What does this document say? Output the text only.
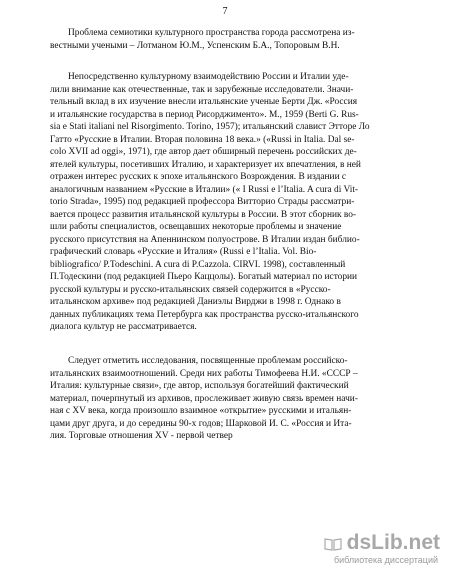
7
Проблема семиотики культурного пространства города рассмотрена из-
вестными учеными – Лотманом Ю.М., Успенским Б.А., Топоровым В.Н.
Непосредственно культурному взаимодействию России и Италии уде-
лили внимание как отечественные, так и зарубежные исследователи. Значи-
тельный вклад в их изучение внесли итальянские ученые Берти Дж. «Россия
и итальянские государства в период Рисорджименто». М., 1959 (Berti G. Rus-
sia e Stati italiani nel Risorgimento. Torino, 1957); итальянский славист Этторе Ло
Гатто «Русские в Италии. Вторая половина 18 века.» («Russi in Italia. Dal se-
colo XVII ad oggi», 1971), где автор дает обширный перечень российских де-
ятелей культуры, посетивших Италию, и характеризует их впечатления, в ней
отражен интерес русских к эпохе итальянского Возрождения. В издании с
аналогичным названием «Русские в Италии» (« I Russi e l’Italia. A cura di Vit-
torio Strada», 1995) под редакцией профессора Витторио Страды рассматри-
вается процесс развития итальянской культуры в России. В этот сборник во-
шли работы специалистов, освещавших некоторые проблемы и значение
русского присутствия на Апеннинском полуострове. В Италии издан библио-
графический словарь «Русские и Италия» (Russi e l’Italia. Vol. Bio-
bibliografico/ P.Todeschini. A cura di P.Cazzola. CIRVI. 1998), составленный
П.Тодескини (под редакцией Пьеро Каццолы). Богатый материал по истории
русской культуры и русско-итальянских связей содержится в «Русско-
итальянском архиве» под редакцией Даниэлы Вирджи в 1998 г. Однако в
данных публикациях тема Петербурга как пространства русско-итальянского
диалога культур не рассматривается.
Следует отметить исследования, посвященные проблемам российско-
итальянских взаимоотношений. Среди них работы Тимофеева Н.И. «СССР –
Италия: культурные связи», где автор, используя богатейший фактический
материал, почерпнутый из архивов, прослеживает живую связь времен начи-
ная с XV века, когда произошло взаимное «открытие» русскими и итальян-
цами друг друга, и до середины 90-х годов; Шарковой И. С. «Россия и Ита-
лия. Торговые отношения XV - первой четвер
dsLib.net
библиотека диссертаций
